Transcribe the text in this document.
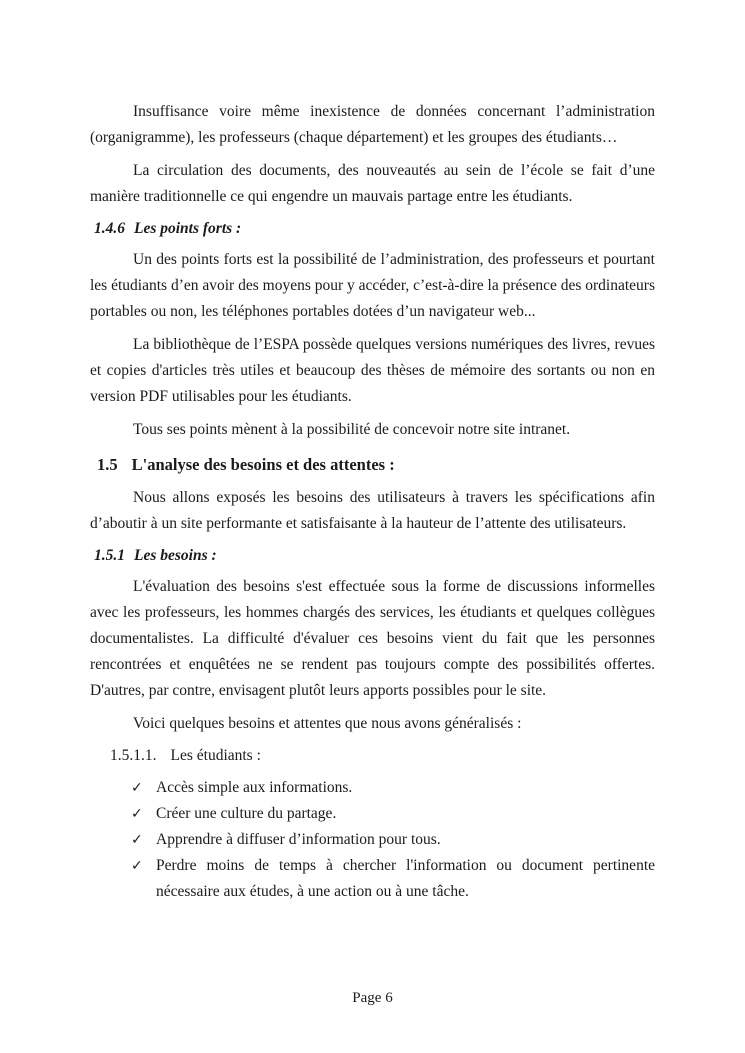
Insuffisance voire même inexistence de données concernant l’administration (organigramme), les professeurs (chaque département) et les groupes des étudiants…

La circulation des documents, des nouveautés au sein de l’école se fait d’une manière traditionnelle ce qui engendre un mauvais partage entre les étudiants.

1.4.6 Les points forts :

Un des points forts est la possibilité de l’administration, des professeurs et pourtant les étudiants d’en avoir des moyens pour y accéder, c’est-à-dire la présence des ordinateurs portables ou non, les téléphones portables dotées d’un navigateur web...

La bibliothèque de l’ESPA possède quelques versions numériques des livres, revues et copies d'articles très utiles et beaucoup des thèses de mémoire des sortants ou non en version PDF utilisables pour les étudiants.

Tous ses points mènent à la possibilité de concevoir notre site intranet.

1.5 L'analyse des besoins et des attentes :

Nous allons exposés les besoins des utilisateurs à travers les spécifications afin d’aboutir à un site performante et satisfaisante à la hauteur de l’attente des utilisateurs.

1.5.1 Les besoins :

L'évaluation des besoins s'est effectuée sous la forme de discussions informelles avec les professeurs, les hommes chargés des services, les étudiants et quelques collègues documentalistes. La difficulté d'évaluer ces besoins vient du fait que les personnes rencontrées et enquêtées ne se rendent pas toujours compte des possibilités offertes. D'autres, par contre, envisagent plutôt leurs apports possibles pour le site.

Voici quelques besoins et attentes que nous avons généralisés :

1.5.1.1. Les étudiants :
✓ Accès simple aux informations.
✓ Créer une culture du partage.
✓ Apprendre à diffuser d’information pour tous.
✓ Perdre moins de temps à chercher l'information ou document pertinente nécessaire aux études, à une action ou à une tâche.
Page 6
